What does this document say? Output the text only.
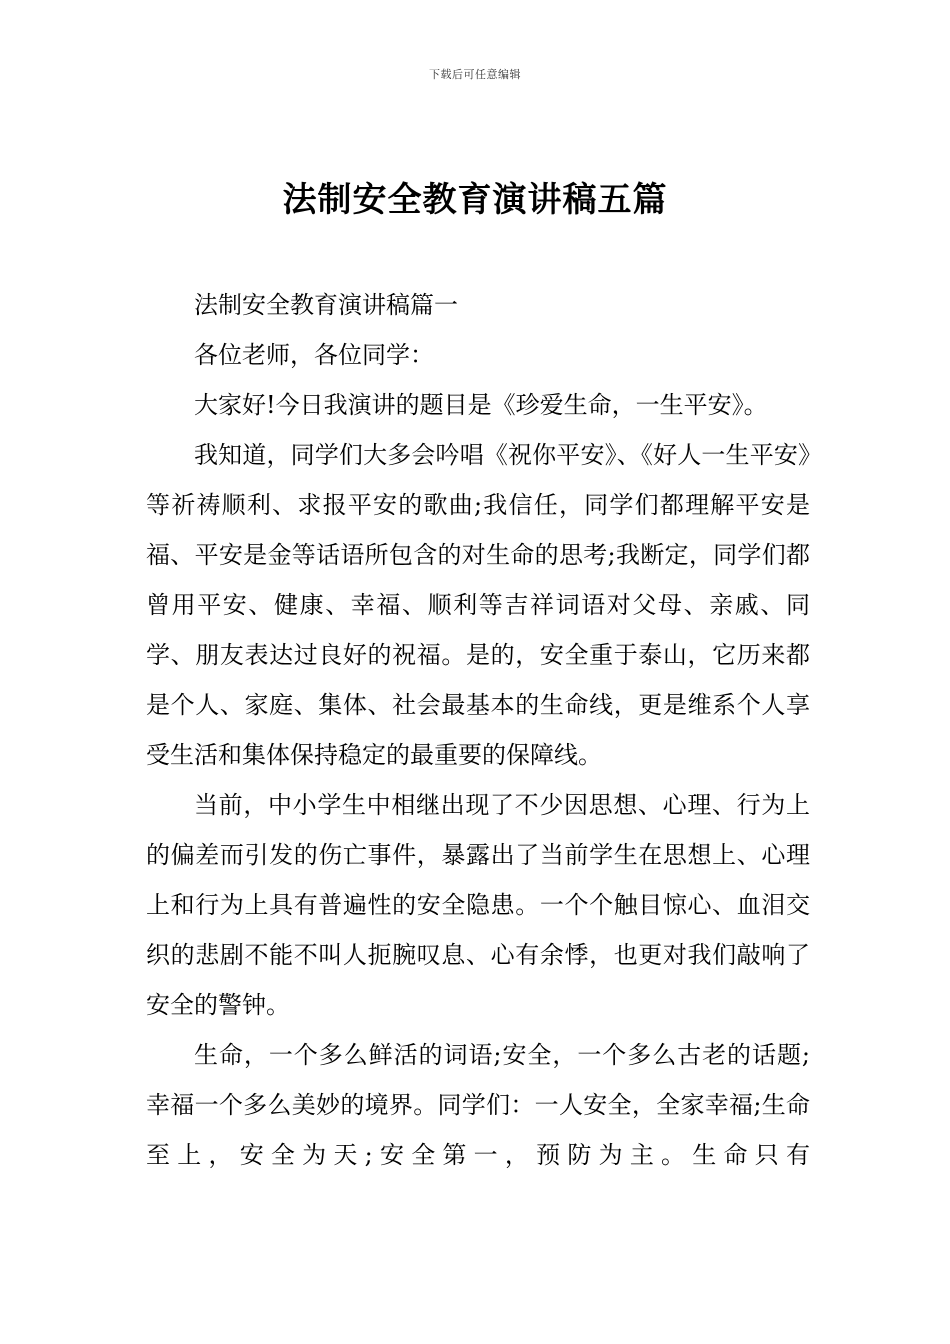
下载后可任意编辑
法制安全教育演讲稿五篇

法制安全教育演讲稿篇一

各位老师，各位同学：

大家好!今日我演讲的题目是《珍爱生命，一生平安》。

我知道，同学们大多会吟唱《祝你平安》、《好人一生平安》等祈祷顺利、求报平安的歌曲;我信任，同学们都理解平安是福、平安是金等话语所包含的对生命的思考;我断定，同学们都曾用平安、健康、幸福、顺利等吉祥词语对父母、亲戚、同学、朋友表达过良好的祝福。是的，安全重于泰山，它历来都是个人、家庭、集体、社会最基本的生命线，更是维系个人享受生活和集体保持稳定的最重要的保障线。

当前，中小学生中相继出现了不少因思想、心理、行为上的偏差而引发的伤亡事件，暴露出了当前学生在思想上、心理上和行为上具有普遍性的安全隐患。一个个触目惊心、血泪交织的悲剧不能不叫人扼腕叹息、心有余悸，也更对我们敲响了安全的警钟。

生命，一个多么鲜活的词语;安全，一个多么古老的话题;幸福一个多么美妙的境界。同学们：一人安全，全家幸福;生命至上，安全为天;安全第一，预防为主。生命只有
